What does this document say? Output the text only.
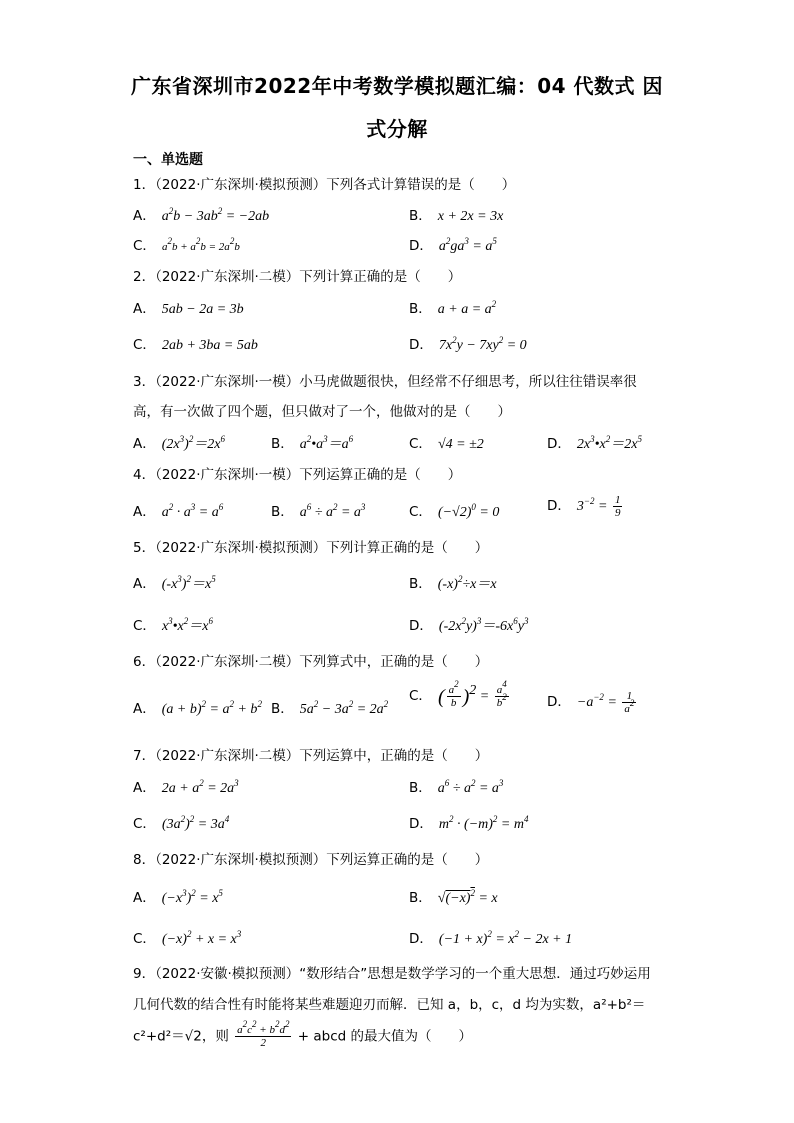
广东省深圳市2022年中考数学模拟题汇编：04 代数式 因
式分解
一、单选题
1．（2022·广东深圳·模拟预测）下列各式计算错误的是（　　）
A． $a^2b - 3ab^2 = -2ab$	B． x + 2x = 3x
C． $a^2b + a^2b = 2a^2b$	D． $a^2ga^3 = a^5$
2．（2022·广东深圳·二模）下列计算正确的是（　　）
A． 5ab − 2a = 3b	B． $a + a = a^2$
C． 2ab + 3ba = 5ab	D． $7x^2y - 7xy^2 = 0$
3．（2022·广东深圳·一模）小马虎做题很快，但经常不仔细思考，所以往往错误率很
高，有一次做了四个题，但只做对了一个，他做对的是（　　）
A． $(2x^3)^2=2x^6$	B． $a^2•a^3=a^6$	C． √4 = ±2	D． $2x^3•x^2=2x^5$
4．（2022·广东深圳·一模）下列运算正确的是（　　）
A． $a^2 \cdot a^3 = a^6$	B． $a^6 \div a^2 = a^3$	C． $(-√2)^0 = 0$	D． $3^{-2} = \frac{1}{9}$
5．（2022·广东深圳·模拟预测）下列计算正确的是（　　）
A． $(-x^3)^2=x^5$	B． $(-x)^2\div x=x$
C． $x^3•x^2=x^6$	D． $(-2x^2y)^3=-6x^6y^3$
6．（2022·广东深圳·二模）下列算式中，正确的是（　　）
A． $(a + b)^2 = a^2 + b^2$ B． $5a^2 - 3a^2 = 2a^2$ C． ( $\frac{a^2}{b} )^2 = \frac{a^4}{b^2}$	D． $-a^{-2} = \frac{1}{a^2}$
7．（2022·广东深圳·二模）下列运算中，正确的是（　　）
A． $2a + a^2 = 2a^3$	B． $a^6 \div a^2 = a^3$
C． $(3a^2)^2 = 3a^4$	D． $m^2 \cdot (-m)^2 = m^4$
8．（2022·广东深圳·模拟预测）下列运算正确的是（　　）
A． $(-x^3)^2 = x^5$	B． $√(-x)^2 = x$
C． $(-x)^2 + x = x^3$	D． $(-1 + x)^2 = x^2 - 2x + 1$
9．（2022·安徽·模拟预测）“数形结合”思想是数学学习的一个重大思想．通过巧妙运用
几何代数的结合性有时能将某些难题迎刃而解．已知 a，b，c，d 均为实数，a²+b²＝
c²+d²＝√2，则 $\frac{a^2c^2 + b^2d^2}{2}$ + abcd 的最大值为（　　）
